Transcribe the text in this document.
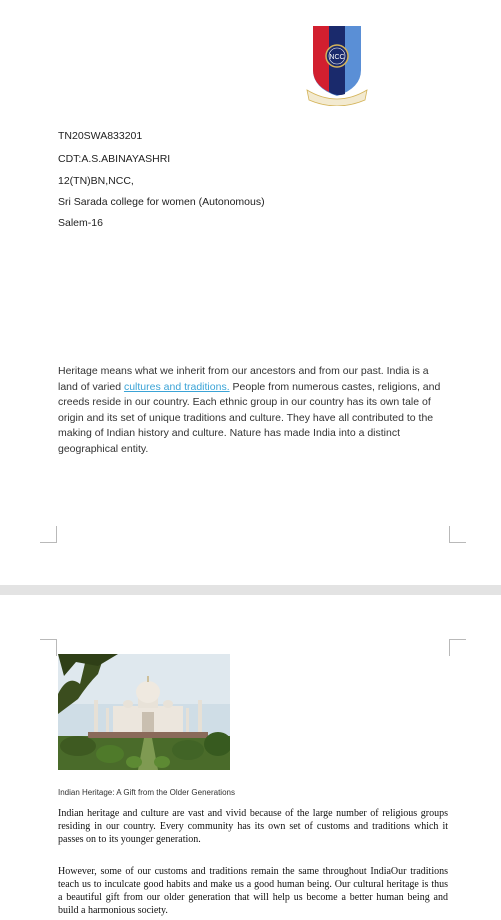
NCC
TN20SWA833201
CDT:A.S.ABINAYASHRI
12(TN)BN,NCC,
Sri Sarada college for women (Autonomous)
Salem-16
Heritage means what we inherit from our ancestors and from our past. India is a land of varied cultures and traditions. People from numerous castes, religions, and creeds reside in our country. Each ethnic group in our country has its own tale of origin and its set of unique traditions and culture. They have all contributed to the making of Indian history and culture. Nature has made India into a distinct geographical entity.
Indian Heritage: A Gift from the Older Generations
Indian heritage and culture are vast and vivid because of the large number of religious groups residing in our country. Every community has its own set of customs and traditions which it passes on to its younger generation.
However, some of our customs and traditions remain the same throughout IndiaOur traditions teach us to inculcate good habits and make us a good human being. Our cultural heritage is thus a beautiful gift from our older generation that will help us become a better human being and build a harmonious society.
